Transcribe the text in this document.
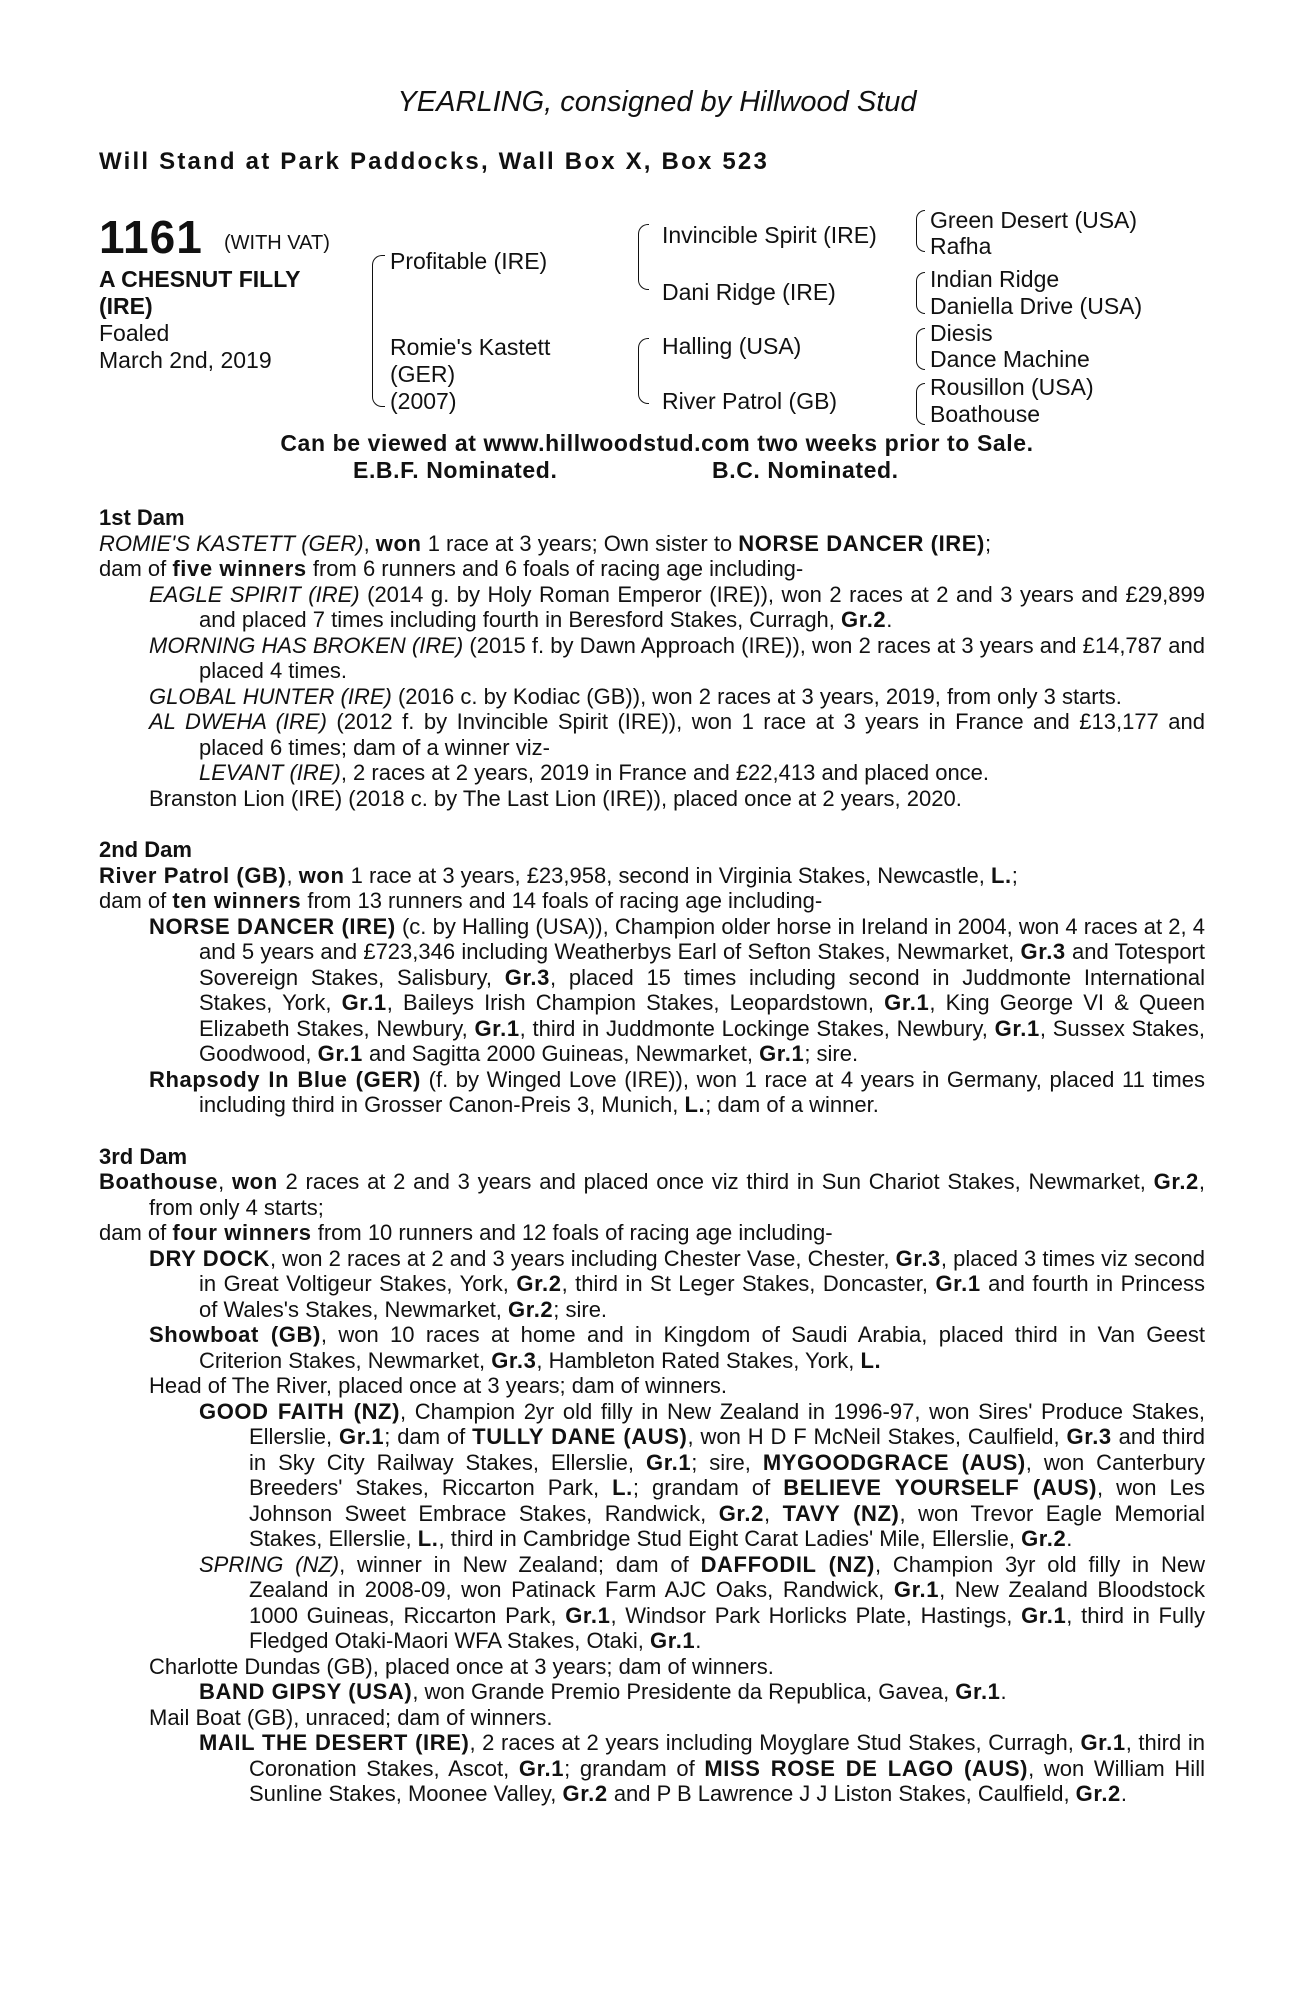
YEARLING, consigned by Hillwood Stud
Will Stand at Park Paddocks, Wall Box X, Box 523
1161 (WITH VAT)
A CHESNUT FILLY
(IRE)
Foaled
March 2nd, 2019
Profitable (IRE)
Romie's Kastett
(GER)
(2007)
Invincible Spirit (IRE)
Dani Ridge (IRE)
Halling (USA)
River Patrol (GB)
Green Desert (USA)
Rafha
Indian Ridge
Daniella Drive (USA)
Diesis
Dance Machine
Rousillon (USA)
Boathouse
Can be viewed at www.hillwoodstud.com two weeks prior to Sale.
E.B.F. Nominated.	B.C. Nominated.
1st Dam

ROMIE'S KASTETT (GER), won 1 race at 3 years; Own sister to NORSE DANCER (IRE);

dam of five winners from 6 runners and 6 foals of racing age including-

EAGLE SPIRIT (IRE) (2014 g. by Holy Roman Emperor (IRE)), won 2 races at 2 and 3 years and £29,899 and placed 7 times including fourth in Beresford Stakes, Curragh, Gr.2.

MORNING HAS BROKEN (IRE) (2015 f. by Dawn Approach (IRE)), won 2 races at 3 years and £14,787 and placed 4 times.

GLOBAL HUNTER (IRE) (2016 c. by Kodiac (GB)), won 2 races at 3 years, 2019, from only 3 starts.

AL DWEHA (IRE) (2012 f. by Invincible Spirit (IRE)), won 1 race at 3 years in France and £13,177 and placed 6 times; dam of a winner viz-

LEVANT (IRE), 2 races at 2 years, 2019 in France and £22,413 and placed once.

Branston Lion (IRE) (2018 c. by The Last Lion (IRE)), placed once at 2 years, 2020.

2nd Dam

River Patrol (GB), won 1 race at 3 years, £23,958, second in Virginia Stakes, Newcastle, L.;

dam of ten winners from 13 runners and 14 foals of racing age including-

NORSE DANCER (IRE) (c. by Halling (USA)), Champion older horse in Ireland in 2004, won 4 races at 2, 4 and 5 years and £723,346 including Weatherbys Earl of Sefton Stakes, Newmarket, Gr.3 and Totesport Sovereign Stakes, Salisbury, Gr.3, placed 15 times including second in Juddmonte International Stakes, York, Gr.1, Baileys Irish Champion Stakes, Leopardstown, Gr.1, King George VI & Queen Elizabeth Stakes, Newbury, Gr.1, third in Juddmonte Lockinge Stakes, Newbury, Gr.1, Sussex Stakes, Goodwood, Gr.1 and Sagitta 2000 Guineas, Newmarket, Gr.1; sire.

Rhapsody In Blue (GER) (f. by Winged Love (IRE)), won 1 race at 4 years in Germany, placed 11 times including third in Grosser Canon-Preis 3, Munich, L.; dam of a winner.

3rd Dam

Boathouse, won 2 races at 2 and 3 years and placed once viz third in Sun Chariot Stakes, Newmarket, Gr.2, from only 4 starts;

dam of four winners from 10 runners and 12 foals of racing age including-

DRY DOCK, won 2 races at 2 and 3 years including Chester Vase, Chester, Gr.3, placed 3 times viz second in Great Voltigeur Stakes, York, Gr.2, third in St Leger Stakes, Doncaster, Gr.1 and fourth in Princess of Wales's Stakes, Newmarket, Gr.2; sire.

Showboat (GB), won 10 races at home and in Kingdom of Saudi Arabia, placed third in Van Geest Criterion Stakes, Newmarket, Gr.3, Hambleton Rated Stakes, York, L.

Head of The River, placed once at 3 years; dam of winners.

GOOD FAITH (NZ), Champion 2yr old filly in New Zealand in 1996-97, won Sires' Produce Stakes, Ellerslie, Gr.1; dam of TULLY DANE (AUS), won H D F McNeil Stakes, Caulfield, Gr.3 and third in Sky City Railway Stakes, Ellerslie, Gr.1; sire, MYGOODGRACE (AUS), won Canterbury Breeders' Stakes, Riccarton Park, L.; grandam of BELIEVE YOURSELF (AUS), won Les Johnson Sweet Embrace Stakes, Randwick, Gr.2, TAVY (NZ), won Trevor Eagle Memorial Stakes, Ellerslie, L., third in Cambridge Stud Eight Carat Ladies' Mile, Ellerslie, Gr.2.

SPRING (NZ), winner in New Zealand; dam of DAFFODIL (NZ), Champion 3yr old filly in New Zealand in 2008-09, won Patinack Farm AJC Oaks, Randwick, Gr.1, New Zealand Bloodstock 1000 Guineas, Riccarton Park, Gr.1, Windsor Park Horlicks Plate, Hastings, Gr.1, third in Fully Fledged Otaki-Maori WFA Stakes, Otaki, Gr.1.

Charlotte Dundas (GB), placed once at 3 years; dam of winners.

BAND GIPSY (USA), won Grande Premio Presidente da Republica, Gavea, Gr.1.

Mail Boat (GB), unraced; dam of winners.

MAIL THE DESERT (IRE), 2 races at 2 years including Moyglare Stud Stakes, Curragh, Gr.1, third in Coronation Stakes, Ascot, Gr.1; grandam of MISS ROSE DE LAGO (AUS), won William Hill Sunline Stakes, Moonee Valley, Gr.2 and P B Lawrence J J Liston Stakes, Caulfield, Gr.2.
